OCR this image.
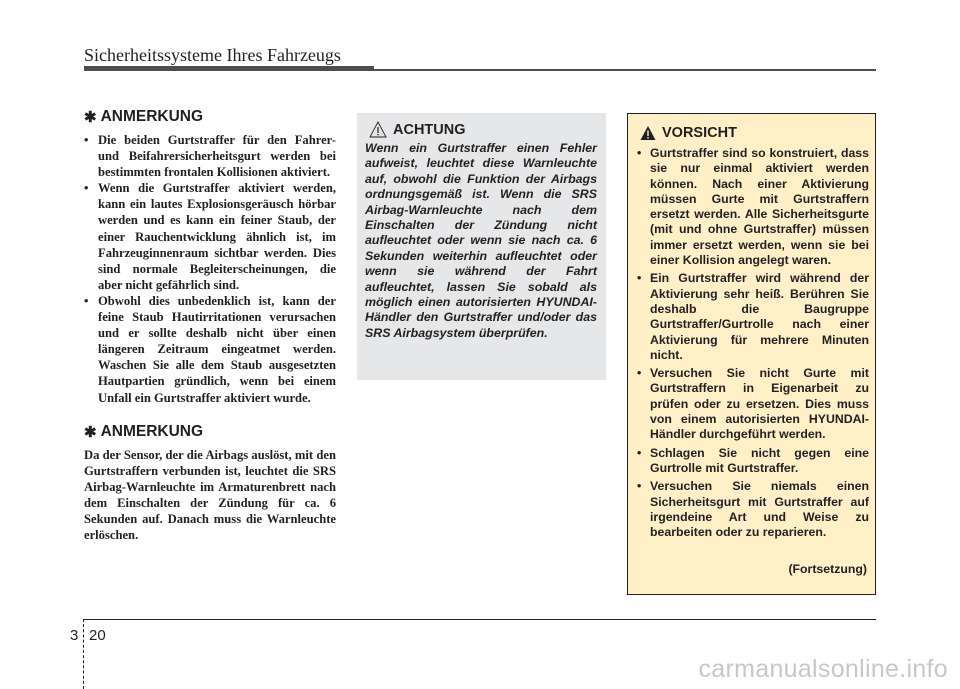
Sicherheitssysteme Ihres Fahrzeugs
✱ ANMERKUNG
• Die beiden Gurtstraffer für den Fahrer- und Beifahrersicherheitsgurt werden bei bestimmten frontalen Kollisionen aktiviert.
• Wenn die Gurtstraffer aktiviert werden, kann ein lautes Explosionsgeräusch hörbar werden und es kann ein feiner Staub, der einer Rauchentwicklung ähnlich ist, im Fahrzeuginnenraum sichtbar werden. Dies sind normale Begleiterscheinungen, die aber nicht gefährlich sind.
• Obwohl dies unbedenklich ist, kann der feine Staub Hautirritationen verursachen und er sollte deshalb nicht über einen längeren Zeitraum eingeatmet werden. Waschen Sie alle dem Staub ausgesetzten Hautpartien gründlich, wenn bei einem Unfall ein Gurtstraffer aktiviert wurde.
✱ ANMERKUNG

Da der Sensor, der die Airbags auslöst, mit den Gurtstraffern verbunden ist, leuchtet die SRS Airbag-Warnleuchte im Armaturenbrett nach dem Einschalten der Zündung für ca. 6 Sekunden auf. Danach muss die Warnleuchte erlöschen.

ACHTUNG
Wenn ein Gurtstraffer einen Fehler aufweist, leuchtet diese Warnleuchte auf, obwohl die Funktion der Airbags ordnungsgemäß ist. Wenn die SRS Airbag-Warnleuchte nach dem Einschalten der Zündung nicht aufleuchtet oder wenn sie nach ca. 6 Sekunden weiterhin aufleuchtet oder wenn sie während der Fahrt aufleuchtet, lassen Sie sobald als möglich einen autorisierten HYUNDAI-Händler den Gurtstraffer und/oder das SRS Airbagsystem überprüfen.
VORSICHT
• Gurtstraffer sind so konstruiert, dass sie nur einmal aktiviert werden können. Nach einer Aktivierung müssen Gurte mit Gurtstraffern ersetzt werden. Alle Sicherheitsgurte (mit und ohne Gurtstraffer) müssen immer ersetzt werden, wenn sie bei einer Kollision angelegt waren.
• Ein Gurtstraffer wird während der Aktivierung sehr heiß. Berühren Sie deshalb die Baugruppe Gurtstraffer/Gurtrolle nach einer Aktivierung für mehrere Minuten nicht.
• Versuchen Sie nicht Gurte mit Gurtstraffern in Eigenarbeit zu prüfen oder zu ersetzen. Dies muss von einem autorisierten HYUNDAI-Händler durchgeführt werden.
• Schlagen Sie nicht gegen eine Gurtrolle mit Gurtstraffer.
• Versuchen Sie niemals einen Sicherheitsgurt mit Gurtstraffer auf irgendeine Art und Weise zu bearbeiten oder zu reparieren.
(Fortsetzung)
3 20
carmanualsonline.info
